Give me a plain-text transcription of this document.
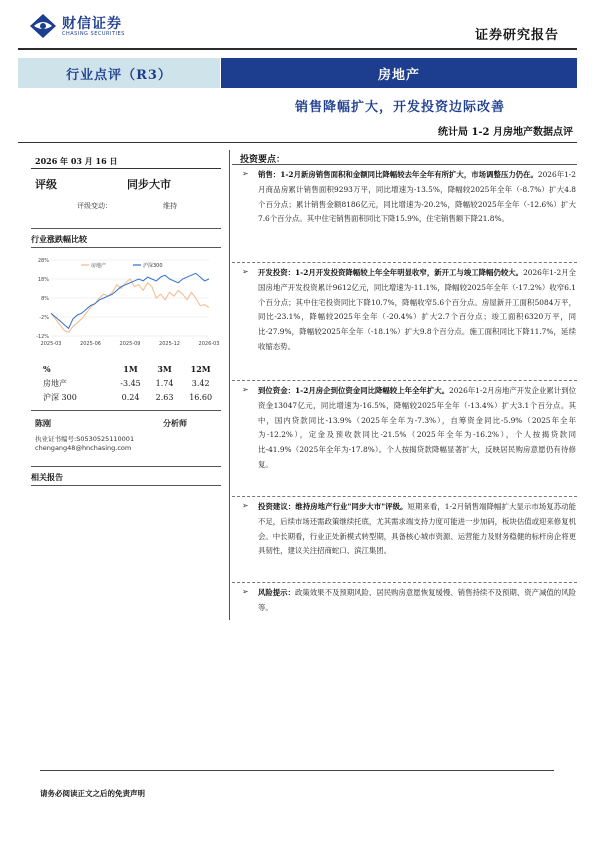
财信证券
CHASING SECURITIES	证券研究报告
行业点评（R3）	房地产
销售降幅扩大，开发投资边际改善
统计局 1-2 月房地产数据点评
2026 年 03 月 16 日
评级	同步大市
评级变动：	维持
行业涨跌幅比较
28%
18%
8%
-2%
-12%
2025-03	2025-06	2025-09	2025-12	2026-03
房地产	沪深300
%	1M	3M	12M
房地产	-3.45	1.74	3.42
沪深 300	0.24	2.63	16.60
陈刚	分析师
执业证书编号:S0530525110001
chengang48@hnchasing.com
相关报告
投资要点：
➢ 销售：1-2月新房销售面积和金额同比降幅较去年全年有所扩大，市场调整压力仍在。2026年1-2月商品房累计销售面积9293万平，同比增速为-13.5%，降幅较2025年全年（-8.7%）扩大4.8个百分点；累计销售金额8186亿元，同比增速为-20.2%，降幅较2025年全年（-12.6%）扩大7.6个百分点。其中住宅销售面积同比下降15.9%，住宅销售额下降21.8%。
➢ 开发投资：1-2月开发投资降幅较上年全年明显收窄，新开工与竣工降幅仍较大。2026年1-2月全国房地产开发投资累计9612亿元，同比增速为-11.1%，降幅较2025年全年（-17.2%）收窄6.1个百分点；其中住宅投资同比下降10.7%，降幅收窄5.6个百分点。房屋新开工面积5084万平，同比-23.1%，降幅较2025年全年（-20.4%）扩大2.7个百分点；竣工面积6320万平，同比-27.9%，降幅较2025年全年（-18.1%）扩大9.8个百分点。施工面积同比下降11.7%，延续收缩态势。
➢ 到位资金：1-2月房企到位资金同比降幅较上年全年扩大。2026年1-2月房地产开发企业累计到位资金13047亿元，同比增速为-16.5%，降幅较2025年全年（-13.4%）扩大3.1个百分点。其中，国内贷款同比-13.9%（2025年全年为-7.3%），自筹资金同比-5.9%（2025年全年为-12.2%），定金及预收款同比-21.5%（2025年全年为-16.2%），个人按揭贷款同比-41.9%（2025年全年为-17.8%）。个人按揭贷款降幅显著扩大，反映居民购房意愿仍有待修复。
➢ 投资建议：维持房地产行业"同步大市"评级。短期来看，1-2月销售端降幅扩大显示市场复苏动能不足，后续市场还需政策继续托底，尤其需求端支持力度可能进一步加码，板块估值或迎来修复机会。中长期看，行业正处新模式转型期，具备核心城市资源、运营能力及财务稳健的标杆房企将更具韧性，建议关注招商蛇口、滨江集团。
➢ 风险提示：政策效果不及预期风险、居民购房意愿恢复缓慢、销售持续不及预期、资产减值的风险等。
请务必阅读正文之后的免责声明
